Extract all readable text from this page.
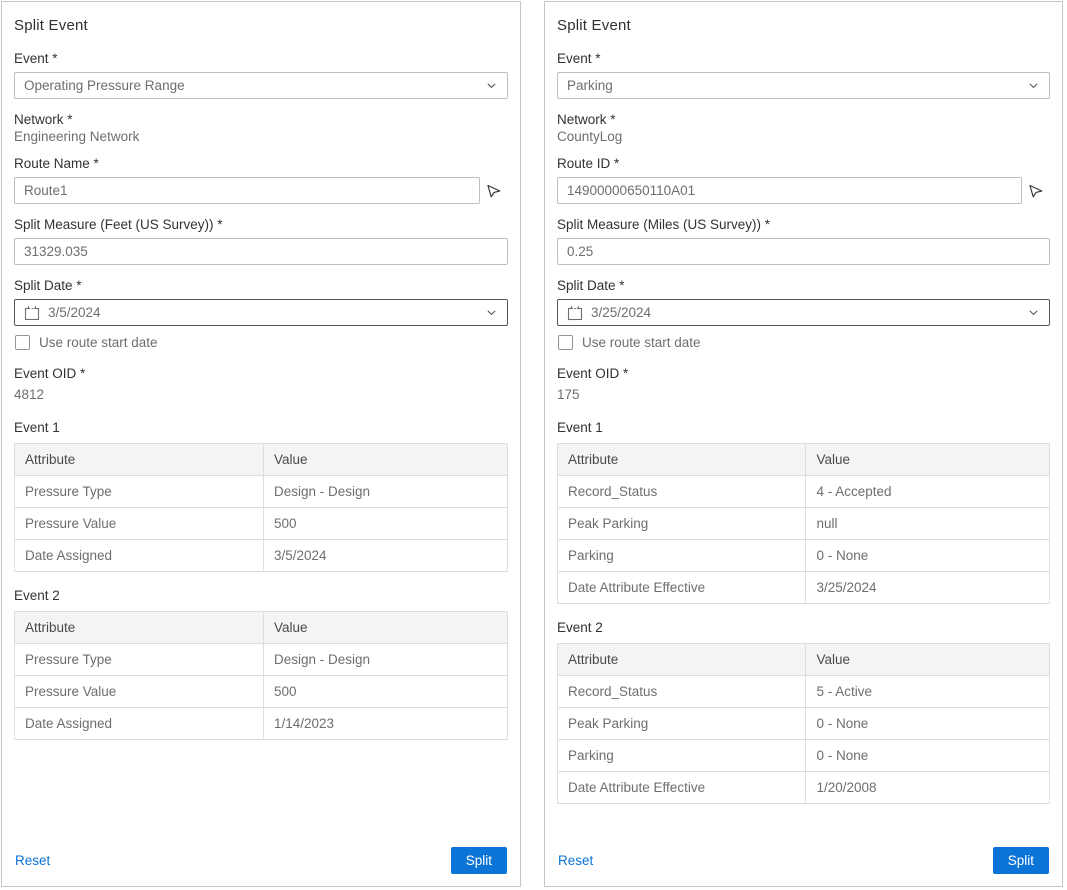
Split Event
Event *
Operating Pressure Range
Network *
Engineering Network
Route Name *
Route1
Split Measure (Feet (US Survey)) *
31329.035
Split Date *
3/5/2024
Use route start date
Event OID *
4812
Event 1
Attribute	Value
Pressure Type	Design - Design
Pressure Value	500
Date Assigned	3/5/2024
Event 2
Attribute	Value
Pressure Type	Design - Design
Pressure Value	500
Date Assigned	1/14/2023
Reset	Split
Split Event
Event *
Parking
Network *
CountyLog
Route ID *
14900000650110A01
Split Measure (Miles (US Survey)) *
0.25
Split Date *
3/25/2024
Use route start date
Event OID *
175
Event 1
Attribute	Value
Record_Status	4 - Accepted
Peak Parking	null
Parking	0 - None
Date Attribute Effective	3/25/2024
Event 2
Attribute	Value
Record_Status	5 - Active
Peak Parking	0 - None
Parking	0 - None
Date Attribute Effective	1/20/2008
Reset	Split
